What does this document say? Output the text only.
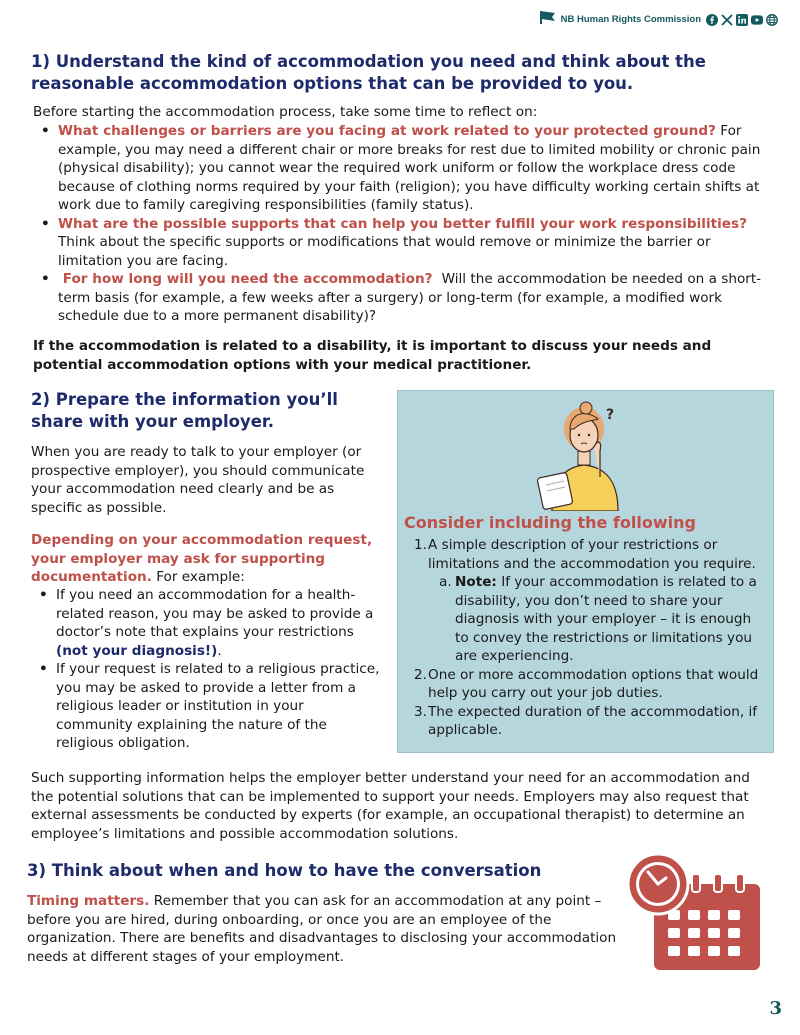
NB Human Rights Commission
1) Understand the kind of accommodation you need and think about the reasonable accommodation options that can be provided to you.

Before starting the accommodation process, take some time to reflect on:

• What challenges or barriers are you facing at work related to your protected ground? For example, you may need a different chair or more breaks for rest due to limited mobility or chronic pain (physical disability); you cannot wear the required work uniform or follow the workplace dress code because of clothing norms required by your faith (religion); you have difficulty working certain shifts at work due to family caregiving responsibilities (family status).
• What are the possible supports that can help you better fulfill your work responsibilities? Think about the specific supports or modifications that would remove or minimize the barrier or limitation you are facing.
•  For how long will you need the accommodation?  Will the accommodation be needed on a short-term basis (for example, a few weeks after a surgery) or long-term (for example, a modified work schedule due to a more permanent disability)?

If the accommodation is related to a disability, it is important to discuss your needs and potential accommodation options with your medical practitioner.

2) Prepare the information you’ll share with your employer.

When you are ready to talk to your employer (or prospective employer), you should communicate your accommodation need clearly and be as specific as possible.

Depending on your accommodation request, your employer may ask for supporting documentation. For example:

• If you need an accommodation for a health-related reason, you may be asked to provide a doctor’s note that explains your restrictions (not your diagnosis!).
• If your request is related to a religious practice, you may be asked to provide a letter from a religious leader or institution in your community explaining the nature of the religious obligation.
?
Consider including the following
1. A simple description of your restrictions or limitations and the accommodation you require.
a. Note: If your accommodation is related to a disability, you don’t need to share your diagnosis with your employer – it is enough to convey the restrictions or limitations you are experiencing.
2. One or more accommodation options that would help you carry out your job duties.
3. The expected duration of the accommodation, if applicable.

Such supporting information helps the employer better understand your need for an accommodation and the potential solutions that can be implemented to support your needs. Employers may also request that external assessments be conducted by experts (for example, an occupational therapist) to determine an employee’s limitations and possible accommodation solutions.

3) Think about when and how to have the conversation

Timing matters. Remember that you can ask for an accommodation at any point – before you are hired, during onboarding, or once you are an employee of the organization. There are benefits and disadvantages to disclosing your accommodation needs at different stages of your employment.

3
